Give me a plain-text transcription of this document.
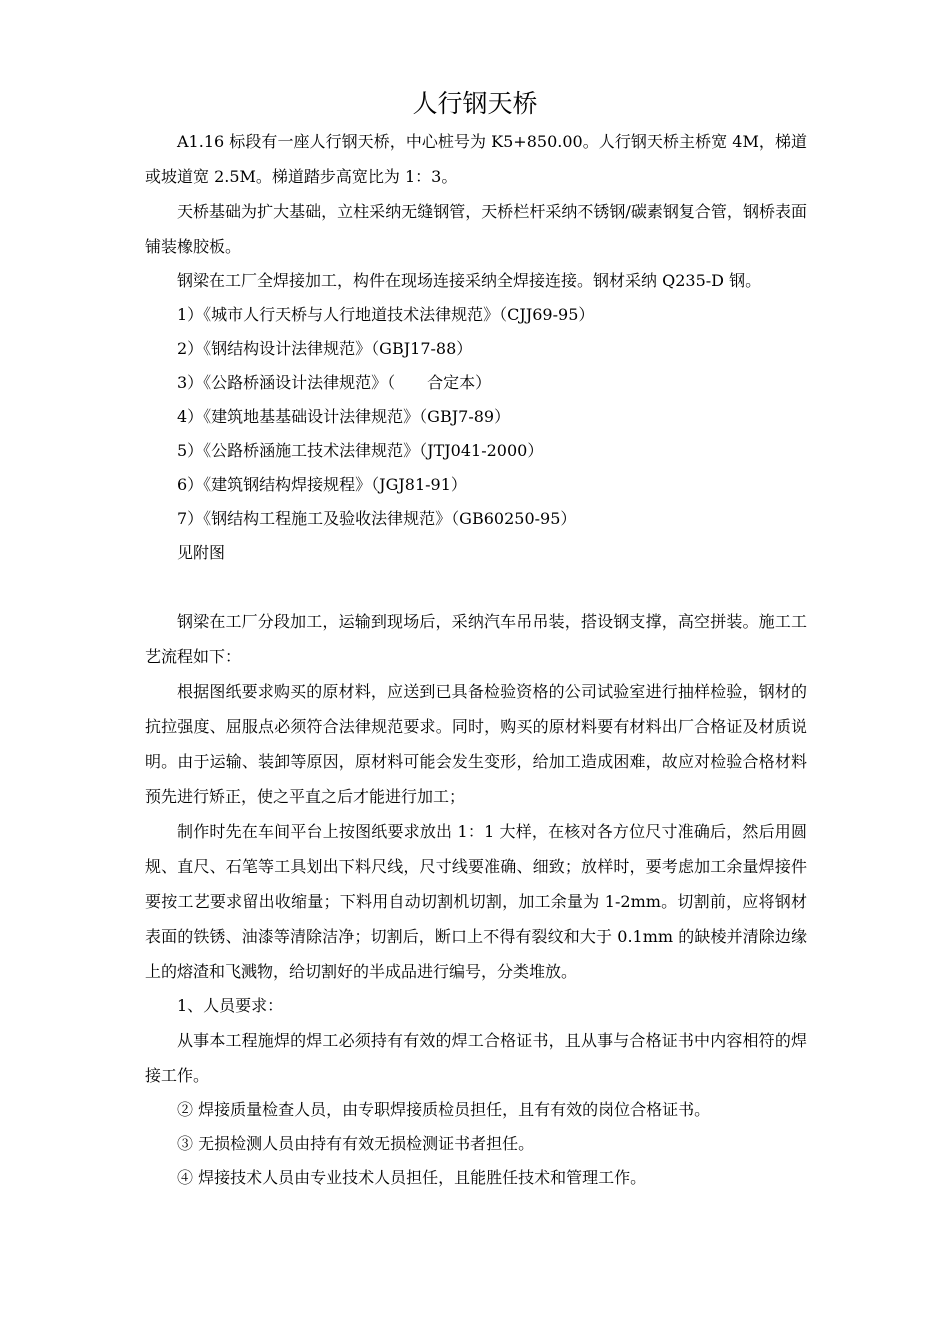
人行钢天桥

A1.16 标段有一座人行钢天桥，中心桩号为 K5+850.00。人行钢天桥主桥宽 4M，梯道或坡道宽 2.5M。梯道踏步高宽比为 1：3。

天桥基础为扩大基础，立柱采纳无缝钢管，天桥栏杆采纳不锈钢/碳素钢复合管，钢桥表面铺装橡胶板。

钢梁在工厂全焊接加工，构件在现场连接采纳全焊接连接。钢材采纳 Q235-D 钢。

1）《城市人行天桥与人行地道技术法律规范》（CJJ69-95）

2）《钢结构设计法律规范》（GBJ17-88）

3）《公路桥涵设计法律规范》（　　合定本）

4）《建筑地基基础设计法律规范》（GBJ7-89）

5）《公路桥涵施工技术法律规范》（JTJ041-2000）

6）《建筑钢结构焊接规程》（JGJ81-91）

7）《钢结构工程施工及验收法律规范》（GB60250-95）

见附图

钢梁在工厂分段加工，运输到现场后，采纳汽车吊吊装，搭设钢支撑，高空拼装。施工工艺流程如下：

根据图纸要求购买的原材料，应送到已具备检验资格的公司试验室进行抽样检验，钢材的抗拉强度、屈服点必须符合法律规范要求。同时，购买的原材料要有材料出厂合格证及材质说明。由于运输、装卸等原因，原材料可能会发生变形，给加工造成困难，故应对检验合格材料预先进行矫正，使之平直之后才能进行加工；

制作时先在车间平台上按图纸要求放出 1：1 大样，在核对各方位尺寸准确后，然后用圆规、直尺、石笔等工具划出下料尺线，尺寸线要准确、细致；放样时，要考虑加工余量焊接件要按工艺要求留出收缩量；下料用自动切割机切割，加工余量为 1-2mm。切割前，应将钢材表面的铁锈、油漆等清除洁净；切割后，断口上不得有裂纹和大于 0.1mm 的缺棱并清除边缘上的熔渣和飞溅物，给切割好的半成品进行编号，分类堆放。

1、人员要求：

从事本工程施焊的焊工必须持有有效的焊工合格证书，且从事与合格证书中内容相符的焊接工作。

② 焊接质量检查人员，由专职焊接质检员担任，且有有效的岗位合格证书。

③ 无损检测人员由持有有效无损检测证书者担任。

④ 焊接技术人员由专业技术人员担任，且能胜任技术和管理工作。
